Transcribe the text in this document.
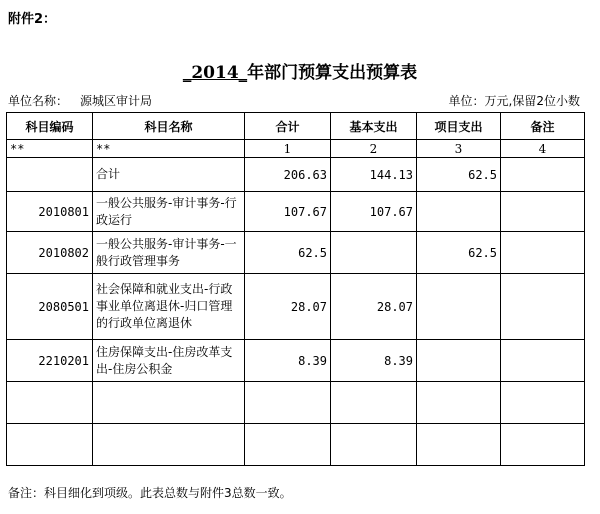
附件2：
_2014_年部门预算支出预算表
单位名称： 源城区审计局	单位：万元,保留2位小数
科目编码	科目名称	合计	基本支出	项目支出	备注
**	**	1	2	3	4
	合计	206.63	144.13	62.5	
2010801	一般公共服务-审计事务-行政运行	107.67	107.67		
2010802	一般公共服务-审计事务-一般行政管理事务	62.5		62.5	
2080501	社会保障和就业支出-行政事业单位离退休-归口管理的行政单位离退休	28.07	28.07		
2210201	住房保障支出-住房改革支出-住房公积金	8.39	8.39		

备注：科目细化到项级。此表总数与附件3总数一致。
